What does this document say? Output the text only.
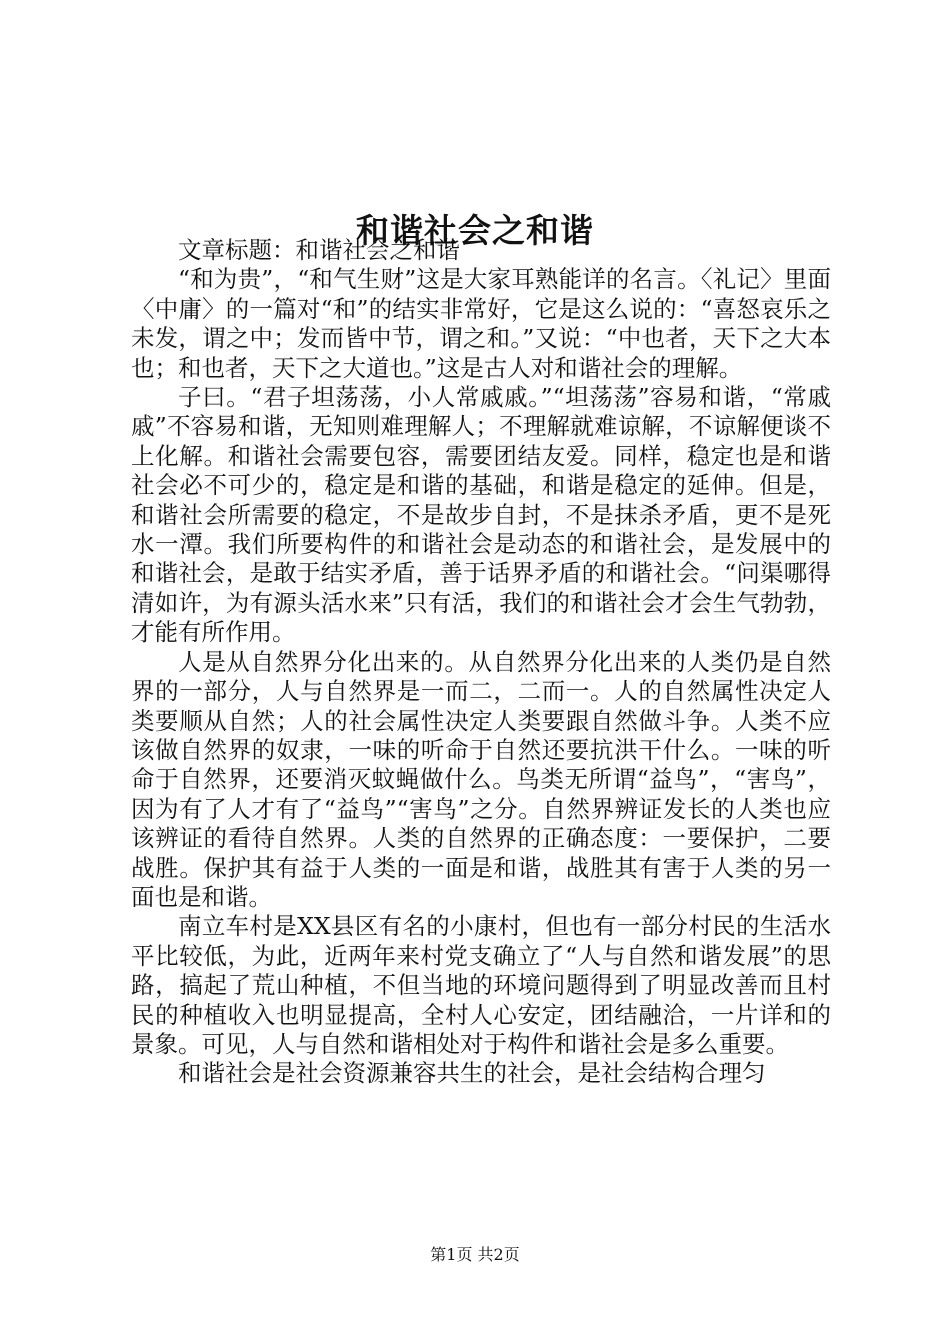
和谐社会之和谐

文章标题：和谐社会之和谐

“和为贵”，“和气生财”这是大家耳熟能详的名言。〈礼记〉里面〈中庸〉的一篇对“和”的结实非常好，它是这么说的：“喜怒哀乐之未发，谓之中；发而皆中节，谓之和。”又说：“中也者，天下之大本也；和也者，天下之大道也。”这是古人对和谐社会的理解。

子曰。“君子坦荡荡，小人常戚戚。”“坦荡荡”容易和谐，“常戚戚”不容易和谐，无知则难理解人；不理解就难谅解，不谅解便谈不上化解。和谐社会需要包容，需要团结友爱。同样，稳定也是和谐社会必不可少的，稳定是和谐的基础，和谐是稳定的延伸。但是，和谐社会所需要的稳定，不是故步自封，不是抹杀矛盾，更不是死水一潭。我们所要构件的和谐社会是动态的和谐社会，是发展中的和谐社会，是敢于结实矛盾，善于话界矛盾的和谐社会。“问渠哪得清如许，为有源头活水来”只有活，我们的和谐社会才会生气勃勃，才能有所作用。

人是从自然界分化出来的。从自然界分化出来的人类仍是自然界的一部分，人与自然界是一而二，二而一。人的自然属性决定人类要顺从自然；人的社会属性决定人类要跟自然做斗争。人类不应该做自然界的奴隶，一味的听命于自然还要抗洪干什么。一味的听命于自然界，还要消灭蚊蝇做什么。鸟类无所谓“益鸟”，“害鸟”，因为有了人才有了“益鸟”“害鸟”之分。自然界辨证发长的人类也应该辨证的看待自然界。人类的自然界的正确态度：一要保护，二要战胜。保护其有益于人类的一面是和谐，战胜其有害于人类的另一面也是和谐。

南立车村是XX县区有名的小康村，但也有一部分村民的生活水平比较低，为此，近两年来村党支确立了“人与自然和谐发展”的思路，搞起了荒山种植，不但当地的环境问题得到了明显改善而且村民的种植收入也明显提高，全村人心安定，团结融洽，一片详和的景象。可见，人与自然和谐相处对于构件和谐社会是多么重要。

和谐社会是社会资源兼容共生的社会，是社会结构合理匀

第1页 共2页
